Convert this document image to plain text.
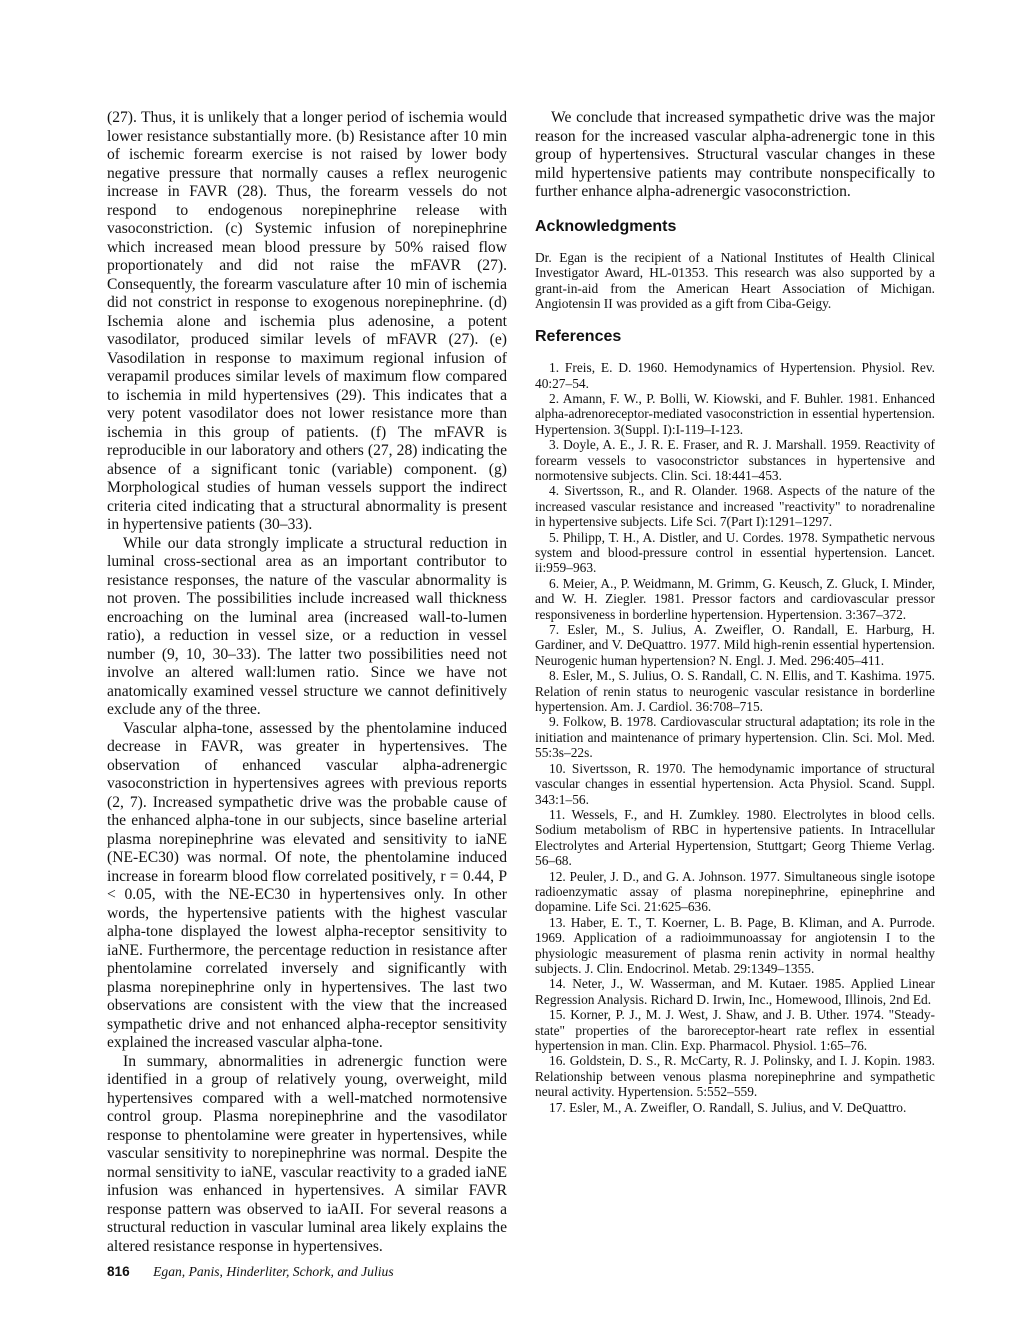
(27). Thus, it is unlikely that a longer period of ischemia would lower resistance substantially more. (b) Resistance after 10 min of ischemic forearm exercise is not raised by lower body negative pressure that normally causes a reflex neurogenic increase in FAVR (28). Thus, the forearm vessels do not respond to endogenous norepinephrine release with vasoconstriction. (c) Systemic infusion of norepinephrine which increased mean blood pressure by 50% raised flow proportionately and did not raise the mFAVR (27). Consequently, the forearm vasculature after 10 min of ischemia did not constrict in response to exogenous norepinephrine. (d) Ischemia alone and ischemia plus adenosine, a potent vasodilator, produced similar levels of mFAVR (27). (e) Vasodilation in response to maximum regional infusion of verapamil produces similar levels of maximum flow compared to ischemia in mild hypertensives (29). This indicates that a very potent vasodilator does not lower resistance more than ischemia in this group of patients. (f) The mFAVR is reproducible in our laboratory and others (27, 28) indicating the absence of a significant tonic (variable) component. (g) Morphological studies of human vessels support the indirect criteria cited indicating that a structural abnormality is present in hypertensive patients (30–33).

While our data strongly implicate a structural reduction in luminal cross-sectional area as an important contributor to resistance responses, the nature of the vascular abnormality is not proven. The possibilities include increased wall thickness encroaching on the luminal area (increased wall-to-lumen ratio), a reduction in vessel size, or a reduction in vessel number (9, 10, 30–33). The latter two possibilities need not involve an altered wall:lumen ratio. Since we have not anatomically examined vessel structure we cannot definitively exclude any of the three.

Vascular alpha-tone, assessed by the phentolamine induced decrease in FAVR, was greater in hypertensives. The observation of enhanced vascular alpha-adrenergic vasoconstriction in hypertensives agrees with previous reports (2, 7). Increased sympathetic drive was the probable cause of the enhanced alpha-tone in our subjects, since baseline arterial plasma norepinephrine was elevated and sensitivity to iaNE (NE-EC30) was normal. Of note, the phentolamine induced increase in forearm blood flow correlated positively, r = 0.44, P < 0.05, with the NE-EC30 in hypertensives only. In other words, the hypertensive patients with the highest vascular alpha-tone displayed the lowest alpha-receptor sensitivity to iaNE. Furthermore, the percentage reduction in resistance after phentolamine correlated inversely and significantly with plasma norepinephrine only in hypertensives. The last two observations are consistent with the view that the increased sympathetic drive and not enhanced alpha-receptor sensitivity explained the increased vascular alpha-tone.

In summary, abnormalities in adrenergic function were identified in a group of relatively young, overweight, mild hypertensives compared with a well-matched normotensive control group. Plasma norepinephrine and the vasodilator response to phentolamine were greater in hypertensives, while vascular sensitivity to norepinephrine was normal. Despite the normal sensitivity to iaNE, vascular reactivity to a graded iaNE infusion was enhanced in hypertensives. A similar FAVR response pattern was observed to iaAII. For several reasons a structural reduction in vascular luminal area likely explains the altered resistance response in hypertensives.

We conclude that increased sympathetic drive was the major reason for the increased vascular alpha-adrenergic tone in this group of hypertensives. Structural vascular changes in these mild hypertensive patients may contribute nonspecifically to further enhance alpha-adrenergic vasoconstriction.

Acknowledgments

Dr. Egan is the recipient of a National Institutes of Health Clinical Investigator Award, HL-01353. This research was also supported by a grant-in-aid from the American Heart Association of Michigan. Angiotensin II was provided as a gift from Ciba-Geigy.

References

1. Freis, E. D. 1960. Hemodynamics of Hypertension. Physiol. Rev. 40:27–54.

2. Amann, F. W., P. Bolli, W. Kiowski, and F. Buhler. 1981. Enhanced alpha-adrenoreceptor-mediated vasoconstriction in essential hypertension. Hypertension. 3(Suppl. I):I-119–I-123.

3. Doyle, A. E., J. R. E. Fraser, and R. J. Marshall. 1959. Reactivity of forearm vessels to vasoconstrictor substances in hypertensive and normotensive subjects. Clin. Sci. 18:441–453.

4. Sivertsson, R., and R. Olander. 1968. Aspects of the nature of the increased vascular resistance and increased "reactivity" to noradrenaline in hypertensive subjects. Life Sci. 7(Part I):1291–1297.

5. Philipp, T. H., A. Distler, and U. Cordes. 1978. Sympathetic nervous system and blood-pressure control in essential hypertension. Lancet. ii:959–963.

6. Meier, A., P. Weidmann, M. Grimm, G. Keusch, Z. Gluck, I. Minder, and W. H. Ziegler. 1981. Pressor factors and cardiovascular pressor responsiveness in borderline hypertension. Hypertension. 3:367–372.

7. Esler, M., S. Julius, A. Zweifler, O. Randall, E. Harburg, H. Gardiner, and V. DeQuattro. 1977. Mild high-renin essential hypertension. Neurogenic human hypertension? N. Engl. J. Med. 296:405–411.

8. Esler, M., S. Julius, O. S. Randall, C. N. Ellis, and T. Kashima. 1975. Relation of renin status to neurogenic vascular resistance in borderline hypertension. Am. J. Cardiol. 36:708–715.

9. Folkow, B. 1978. Cardiovascular structural adaptation; its role in the initiation and maintenance of primary hypertension. Clin. Sci. Mol. Med. 55:3s–22s.

10. Sivertsson, R. 1970. The hemodynamic importance of structural vascular changes in essential hypertension. Acta Physiol. Scand. Suppl. 343:1–56.

11. Wessels, F., and H. Zumkley. 1980. Electrolytes in blood cells. Sodium metabolism of RBC in hypertensive patients. In Intracellular Electrolytes and Arterial Hypertension, Stuttgart; Georg Thieme Verlag. 56–68.

12. Peuler, J. D., and G. A. Johnson. 1977. Simultaneous single isotope radioenzymatic assay of plasma norepinephrine, epinephrine and dopamine. Life Sci. 21:625–636.

13. Haber, E. T., T. Koerner, L. B. Page, B. Kliman, and A. Purrode. 1969. Application of a radioimmunoassay for angiotensin I to the physiologic measurement of plasma renin activity in normal healthy subjects. J. Clin. Endocrinol. Metab. 29:1349–1355.

14. Neter, J., W. Wasserman, and M. Kutaer. 1985. Applied Linear Regression Analysis. Richard D. Irwin, Inc., Homewood, Illinois, 2nd Ed.

15. Korner, P. J., M. J. West, J. Shaw, and J. B. Uther. 1974. "Steady-state" properties of the baroreceptor-heart rate reflex in essential hypertension in man. Clin. Exp. Pharmacol. Physiol. 1:65–76.

16. Goldstein, D. S., R. McCarty, R. J. Polinsky, and I. J. Kopin. 1983. Relationship between venous plasma norepinephrine and sympathetic neural activity. Hypertension. 5:552–559.

17. Esler, M., A. Zweifler, O. Randall, S. Julius, and V. DeQuattro.

816 Egan, Panis, Hinderliter, Schork, and Julius
